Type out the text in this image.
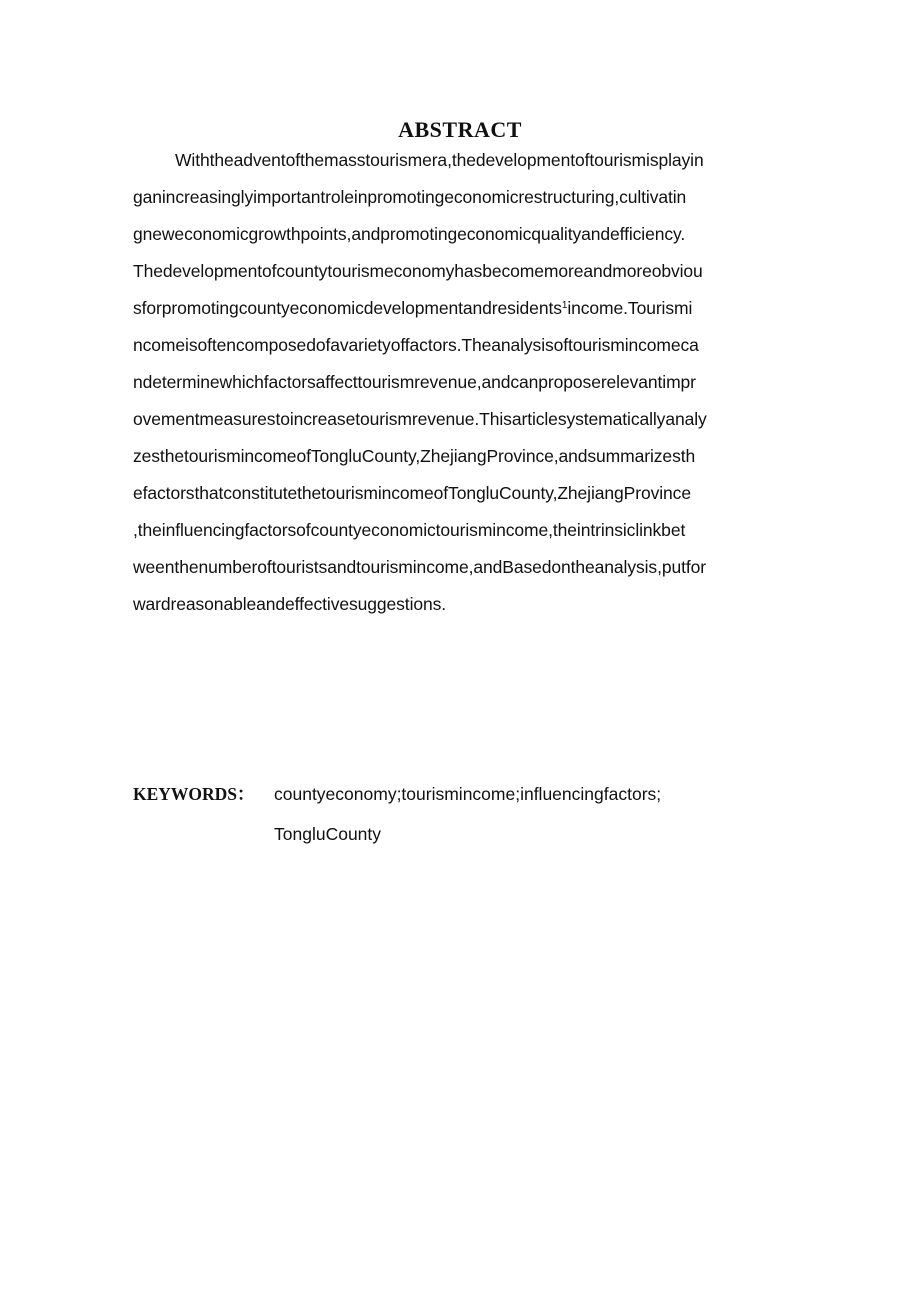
ABSTRACT
Withtheadventofthemasstourismera,thedevelopmentoftourismisplayin
ganincreasinglyimportantroleinpromotingeconomicrestructuring,cultivatin
gneweconomicgrowthpoints,andpromotingeconomicqualityandefficiency.
Thedevelopmentofcountytourismeconomyhasbecomemoreandmoreobviou
sforpromotingcountyeconomicdevelopmentandresidents$^1$income.Tourismi
ncomeisoftencomposedofavarietyoffactors.Theanalysisoftourismincomeca
ndeterminewhichfactorsaffecttourismrevenue,andcanproposerelevantimpr
ovementmeasurestoincreasetourismrevenue.Thisarticlesystematicallyanaly
zesthetourismincomeofTongluCounty,ZhejiangProvince,andsummarizesth
efactorsthatconstitutethetourismincomeofTongluCounty,ZhejiangProvince
,theinfluencingfactorsofcountyeconomictourismincome,theintrinsiclinkbet
weenthenumberoftouristsandtourismincome,andBasedontheanalysis,putfor
wardreasonableandeffectivesuggestions.
KEYWORDS：	countyeconomy;tourismincome;influencingfactors;
TongluCounty
